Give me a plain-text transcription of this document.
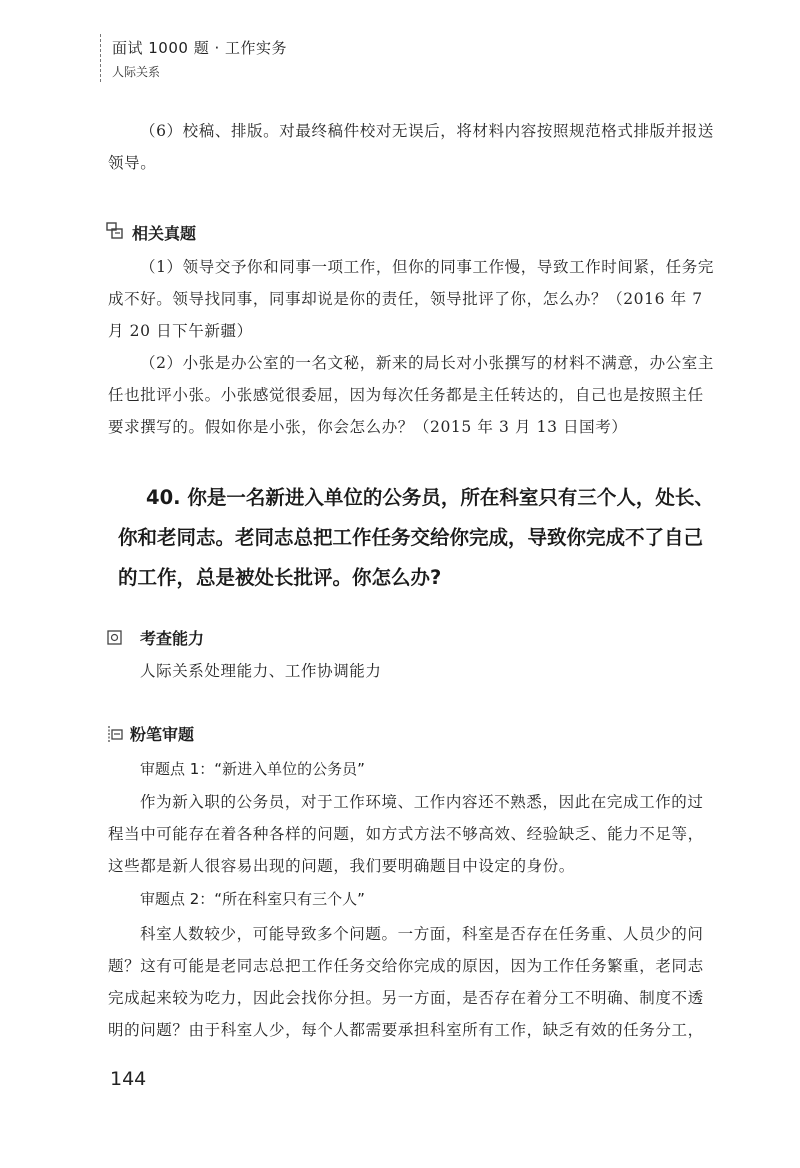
面试 1000 题 · 工作实务
人际关系
（6）校稿、排版。对最终稿件校对无误后，将材料内容按照规范格式排版并报送领导。
相关真题
（1）领导交予你和同事一项工作，但你的同事工作慢，导致工作时间紧，任务完成不好。领导找同事，同事却说是你的责任，领导批评了你，怎么办？（2016 年 7 月 20 日下午新疆）
（2）小张是办公室的一名文秘，新来的局长对小张撰写的材料不满意，办公室主任也批评小张。小张感觉很委屈，因为每次任务都是主任转达的，自己也是按照主任要求撰写的。假如你是小张，你会怎么办？（2015 年 3 月 13 日国考）
40. 你是一名新进入单位的公务员，所在科室只有三个人，处长、你和老同志。老同志总把工作任务交给你完成，导致你完成不了自己的工作，总是被处长批评。你怎么办?
考查能力
人际关系处理能力、工作协调能力
粉笔审题
审题点 1：“新进入单位的公务员”
作为新入职的公务员，对于工作环境、工作内容还不熟悉，因此在完成工作的过程当中可能存在着各种各样的问题，如方式方法不够高效、经验缺乏、能力不足等，这些都是新人很容易出现的问题，我们要明确题目中设定的身份。
审题点 2：“所在科室只有三个人”
科室人数较少，可能导致多个问题。一方面，科室是否存在任务重、人员少的问题？这有可能是老同志总把工作任务交给你完成的原因，因为工作任务繁重，老同志完成起来较为吃力，因此会找你分担。另一方面，是否存在着分工不明确、制度不透明的问题？由于科室人少，每个人都需要承担科室所有工作，缺乏有效的任务分工，
144
